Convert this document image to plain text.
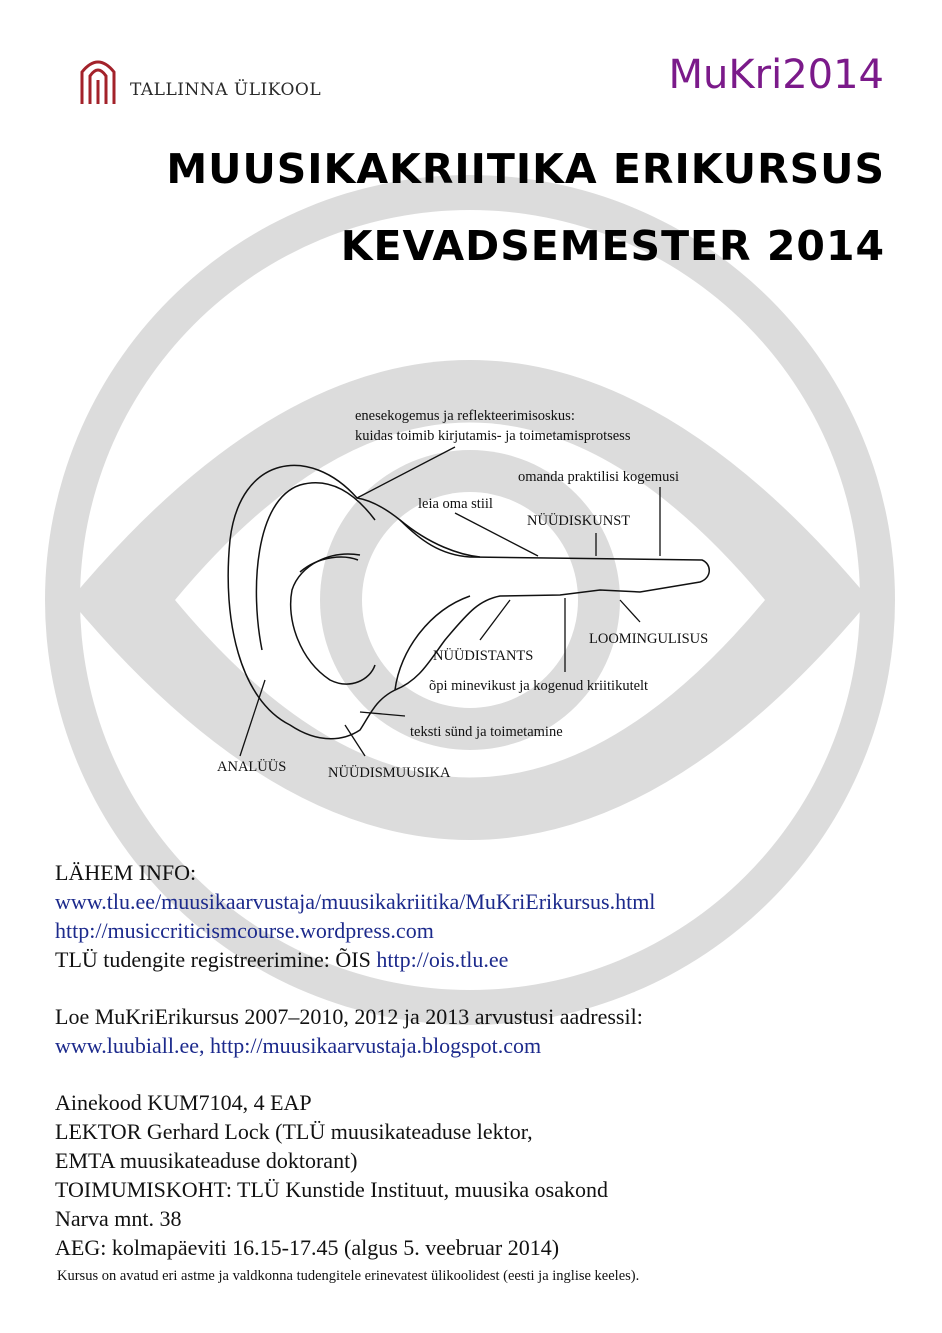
enesekogemus ja reflekteerimisoskus:
kuidas toimib kirjutamis- ja toimetamisprotsess
omanda praktilisi kogemusi
leia oma stiil
NÜÜDISKUNST
LOOMINGULISUS
NÜÜDISTANTS
õpi minevikust ja kogenud kriitikutelt
teksti sünd ja toimetamine
ANALÜÜS	NÜÜDISMUUSIKA
TALLINNA ÜLIKOOL	MuKri2014
MUUSIKAKRIITIKA ERIKURSUS
KEVADSEMESTER 2014
LÄHEM INFO:
www.tlu.ee/muusikaarvustaja/muusikakriitika/MuKriErikursus.html
http://musiccriticismcourse.wordpress.com
TLÜ tudengite registreerimine: ÕIS http://ois.tlu.ee
Loe MuKriErikursus 2007–2010, 2012 ja 2013 arvustusi aadressil:
www.luubiall.ee, http://muusikaarvustaja.blogspot.com
Ainekood KUM7104, 4 EAP
LEKTOR Gerhard Lock (TLÜ muusikateaduse lektor,
EMTA muusikateaduse doktorant)
TOIMUMISKOHT: TLÜ Kunstide Instituut, muusika osakond
Narva mnt. 38
AEG: kolmapäeviti 16.15-17.45 (algus 5. veebruar 2014)
Kursus on avatud eri astme ja valdkonna tudengitele erinevatest ülikoolidest (eesti ja inglise keeles).
